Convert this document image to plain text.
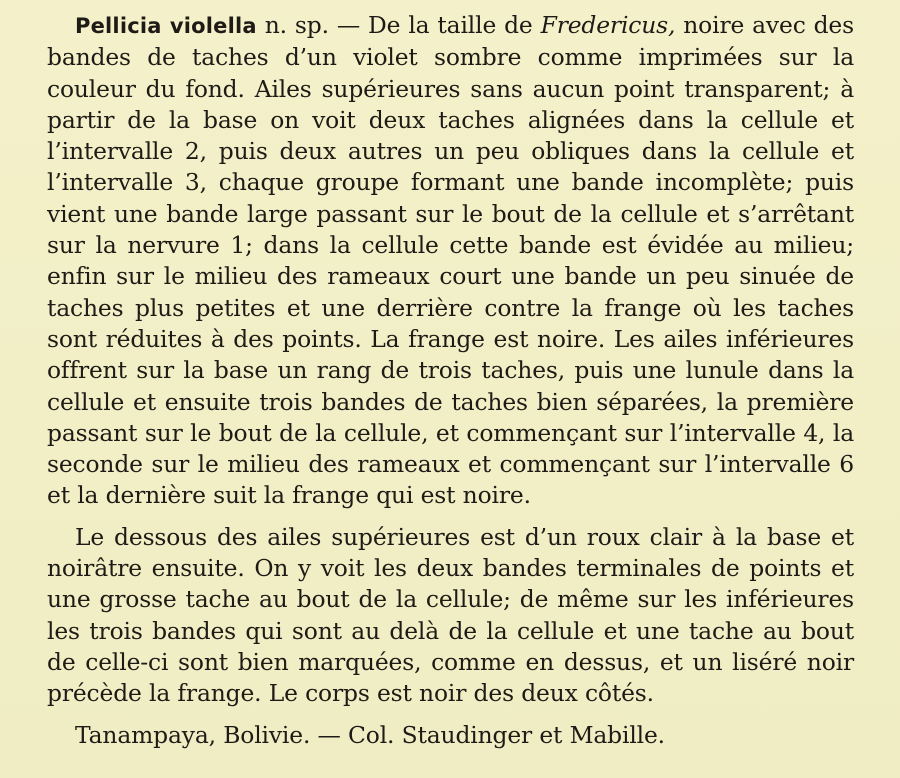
Pellicia violella n. sp. — De la taille de Fredericus, noire avec des bandes de taches d’un violet sombre comme imprimées sur la couleur du fond. Ailes supérieures sans aucun point transparent; à partir de la base on voit deux taches alignées dans la cellule et l’intervalle 2, puis deux autres un peu obliques dans la cellule et l’intervalle 3, chaque groupe formant une bande incomplète; puis vient une bande large passant sur le bout de la cellule et s’arrêtant sur la nervure 1; dans la cellule cette bande est évidée au milieu; enfin sur le milieu des rameaux court une bande un peu sinuée de taches plus petites et une derrière contre la frange où les taches sont réduites à des points. La frange est noire. Les ailes inférieures offrent sur la base un rang de trois taches, puis une lunule dans la cellule et ensuite trois bandes de taches bien séparées, la première passant sur le bout de la cellule, et commençant sur l’intervalle 4, la seconde sur le milieu des rameaux et commençant sur l’intervalle 6 et la dernière suit la frange qui est noire.

Le dessous des ailes supérieures est d’un roux clair à la base et noirâtre ensuite. On y voit les deux bandes terminales de points et une grosse tache au bout de la cellule; de même sur les inférieures les trois bandes qui sont au delà de la cellule et une tache au bout de celle-ci sont bien marquées, comme en dessus, et un liséré noir précède la frange. Le corps est noir des deux côtés.

Tanampaya, Bolivie. — Col. Staudinger et Mabille.
